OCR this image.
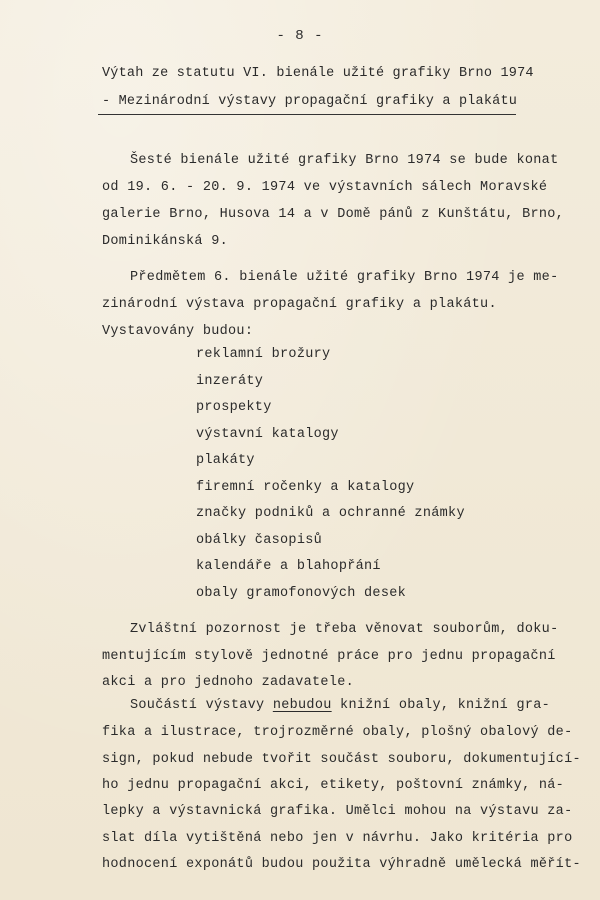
- 8 -
Výtah ze statutu VI. bienále užité grafiky Brno 1974
- Mezinárodní výstavy propagační grafiky a plakátu
Šesté bienále užité grafiky Brno 1974 se bude konat
od 19. 6. - 20. 9. 1974 ve výstavních sálech Moravské
galerie Brno, Husova 14 a v Domě pánů z Kunštátu, Brno,
Dominikánská 9.
Předmětem 6. bienále užité grafiky Brno 1974 je me-
zinárodní výstava propagační grafiky a plakátu.
Vystavovány budou:
reklamní brožury
inzeráty
prospekty
výstavní katalogy
plakáty
firemní ročenky a katalogy
značky podniků a ochranné známky
obálky časopisů
kalendáře a blahopřání
obaly gramofonových desek
Zvláštní pozornost je třeba věnovat souborům, doku-
mentujícím stylově jednotné práce pro jednu propagační
akci a pro jednoho zadavatele.
Součástí výstavy nebudou knižní obaly, knižní gra-
fika a ilustrace, trojrozměrné obaly, plošný obalový de-
sign, pokud nebude tvořit součást souboru, dokumentující-
ho jednu propagační akci, etikety, poštovní známky, ná-
lepky a výstavnická grafika. Umělci mohou na výstavu za-
slat díla vytištěná nebo jen v návrhu. Jako kritéria pro
hodnocení exponátů budou použita výhradně umělecká měřít-
